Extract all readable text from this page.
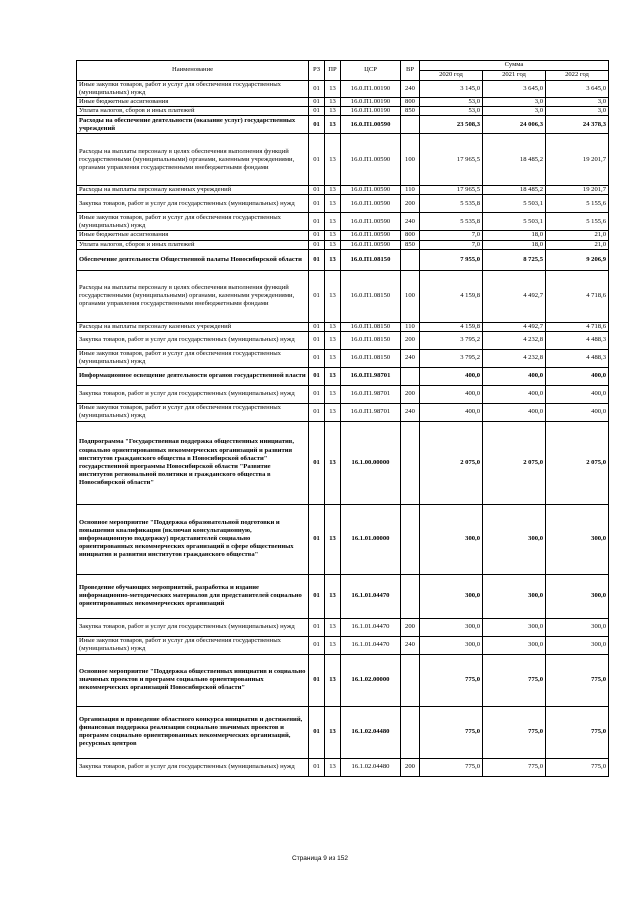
Наименование	РЗ	ПР	ЦСР	ВР	Сумма		
					2020 год	2021 год	2022 год
Иные закупки товаров, работ и услуг для обеспечения государственных (муниципальных) нужд	01	13	16.0.П1.00190	240	3 145,0	3 645,0	3 645,0
Иные бюджетные ассигнования	01	13	16.0.П1.00190	800	53,0	3,0	3,0
Уплата налогов, сборов и иных платежей	01	13	16.0.П1.00190	850	53,0	3,0	3,0
Расходы на обеспечение деятельности (оказание услуг) государственных учреждений	01	13	16.0.П1.00590		23 508,3	24 006,3	24 378,3
Расходы на выплаты персоналу в целях обеспечения выполнения функций государственными (муниципальными) органами, казенными учреждениями, органами управления государственными внебюджетными фондами	01	13	16.0.П1.00590	100	17 965,5	18 485,2	19 201,7
Расходы на выплаты персоналу казенных учреждений	01	13	16.0.П1.00590	110	17 965,5	18 485,2	19 201,7
Закупка товаров, работ и услуг для государственных (муниципальных) нужд	01	13	16.0.П1.00590	200	5 535,8	5 503,1	5 155,6
Иные закупки товаров, работ и услуг для обеспечения государственных (муниципальных) нужд	01	13	16.0.П1.00590	240	5 535,8	5 503,1	5 155,6
Иные бюджетные ассигнования	01	13	16.0.П1.00590	800	7,0	18,0	21,0
Уплата налогов, сборов и иных платежей	01	13	16.0.П1.00590	850	7,0	18,0	21,0
Обеспечение деятельности Общественной палаты Новосибирской области	01	13	16.0.П1.08150		7 955,0	8 725,5	9 206,9
Расходы на выплаты персоналу в целях обеспечения выполнения функций государственными (муниципальными) органами, казенными учреждениями, органами управления государственными внебюджетными фондами	01	13	16.0.П1.08150	100	4 159,8	4 492,7	4 718,6
Расходы на выплаты персоналу казенных учреждений	01	13	16.0.П1.08150	110	4 159,8	4 492,7	4 718,6
Закупка товаров, работ и услуг для государственных (муниципальных) нужд	01	13	16.0.П1.08150	200	3 795,2	4 232,8	4 488,3
Иные закупки товаров, работ и услуг для обеспечения государственных (муниципальных) нужд	01	13	16.0.П1.08150	240	3 795,2	4 232,8	4 488,3
Информационное освещение деятельности органов государственной власти	01	13	16.0.П1.98701		400,0	400,0	400,0
Закупка товаров, работ и услуг для государственных (муниципальных) нужд	01	13	16.0.П1.98701	200	400,0	400,0	400,0
Иные закупки товаров, работ и услуг для обеспечения государственных (муниципальных) нужд	01	13	16.0.П1.98701	240	400,0	400,0	400,0
Подпрограмма "Государственная поддержка общественных инициатив, социально ориентированных некоммерческих организаций и развития институтов гражданского общества в Новосибирской области" государственной программы Новосибирской области "Развитие институтов региональной политики и гражданского общества в Новосибирской области"	01	13	16.1.00.00000		2 075,0	2 075,0	2 075,0
Основное мероприятие "Поддержка образовательной подготовки и повышения квалификации (включая консультационную, информационную поддержку) представителей социально ориентированных некоммерческих организаций в сфере общественных инициатив и развития институтов гражданского общества"	01	13	16.1.01.00000		300,0	300,0	300,0
Проведение обучающих мероприятий, разработка и издание информационно-методических материалов для представителей социально ориентированных некоммерческих организаций	01	13	16.1.01.04470		300,0	300,0	300,0
Закупка товаров, работ и услуг для государственных (муниципальных) нужд	01	13	16.1.01.04470	200	300,0	300,0	300,0
Иные закупки товаров, работ и услуг для обеспечения государственных (муниципальных) нужд	01	13	16.1.01.04470	240	300,0	300,0	300,0
Основное мероприятие "Поддержка общественных инициатив и социально значимых проектов и программ социально ориентированных некоммерческих организаций Новосибирской области"	01	13	16.1.02.00000		775,0	775,0	775,0
Организация и проведение областного конкурса инициатив и достижений, финансовая поддержка реализации социально значимых проектов и программ социально ориентированных некоммерческих организаций, ресурсных центров	01	13	16.1.02.04480		775,0	775,0	775,0
Закупка товаров, работ и услуг для государственных (муниципальных) нужд	01	13	16.1.02.04480	200	775,0	775,0	775,0
Страница 9 из 152
